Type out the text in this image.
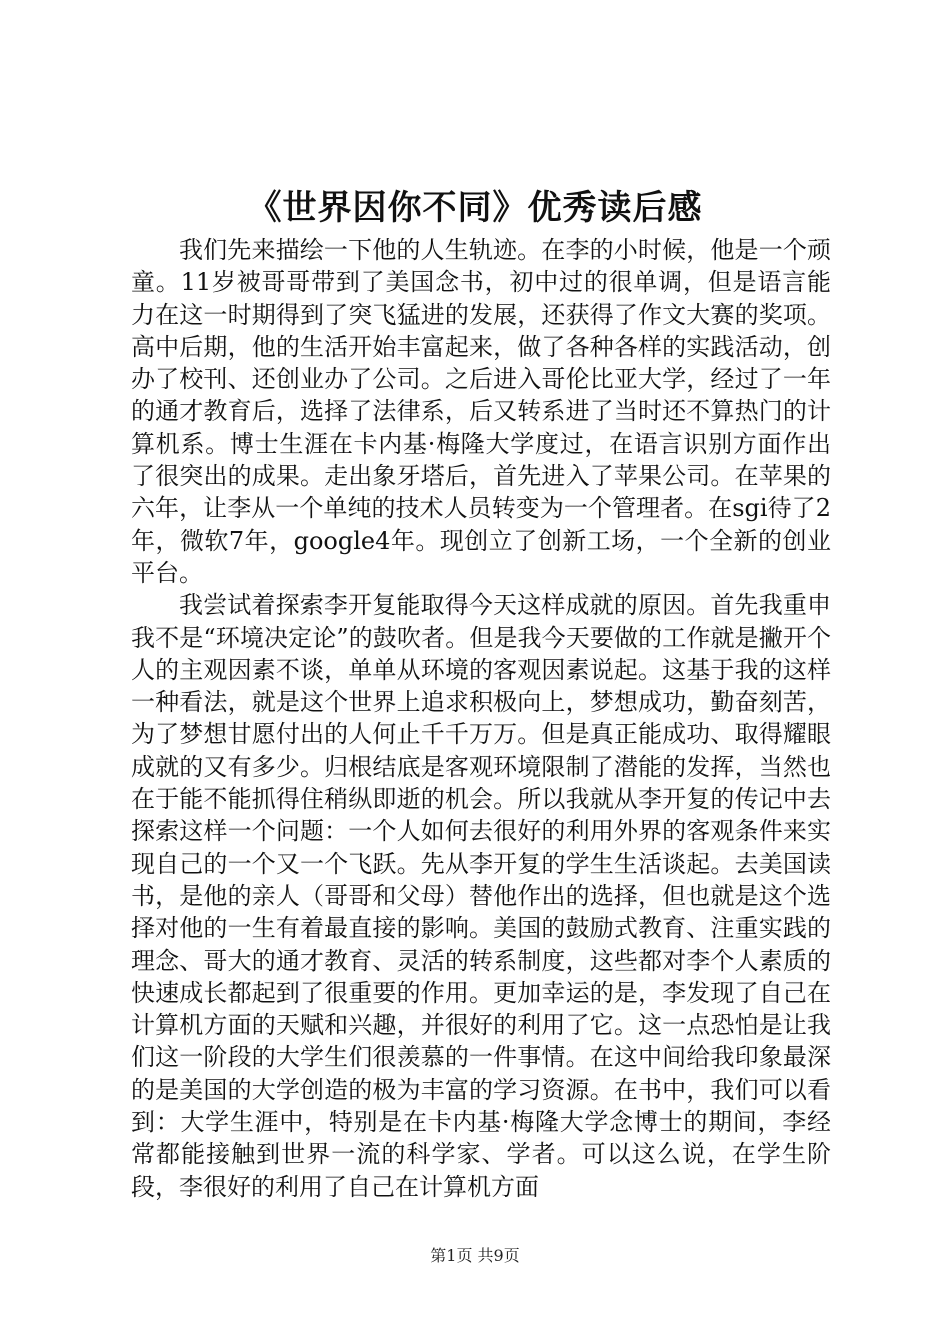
《世界因你不同》优秀读后感

我们先来描绘一下他的人生轨迹。在李的小时候，他是一个顽童。11岁被哥哥带到了美国念书，初中过的很单调，但是语言能力在这一时期得到了突飞猛进的发展，还获得了作文大赛的奖项。高中后期，他的生活开始丰富起来，做了各种各样的实践活动，创办了校刊、还创业办了公司。之后进入哥伦比亚大学，经过了一年的通才教育后，选择了法律系，后又转系进了当时还不算热门的计算机系。博士生涯在卡内基·梅隆大学度过，在语言识别方面作出了很突出的成果。走出象牙塔后，首先进入了苹果公司。在苹果的六年，让李从一个单纯的技术人员转变为一个管理者。在sgi待了2年，微软7年，google4年。现创立了创新工场，一个全新的创业平台。

我尝试着探索李开复能取得今天这样成就的原因。首先我重申我不是“环境决定论”的鼓吹者。但是我今天要做的工作就是撇开个人的主观因素不谈，单单从环境的客观因素说起。这基于我的这样一种看法，就是这个世界上追求积极向上，梦想成功，勤奋刻苦，为了梦想甘愿付出的人何止千千万万。但是真正能成功、取得耀眼成就的又有多少。归根结底是客观环境限制了潜能的发挥，当然也在于能不能抓得住稍纵即逝的机会。所以我就从李开复的传记中去探索这样一个问题：一个人如何去很好的利用外界的客观条件来实现自己的一个又一个飞跃。先从李开复的学生生活谈起。去美国读书，是他的亲人（哥哥和父母）替他作出的选择，但也就是这个选择对他的一生有着最直接的影响。美国的鼓励式教育、注重实践的理念、哥大的通才教育、灵活的转系制度，这些都对李个人素质的快速成长都起到了很重要的作用。更加幸运的是，李发现了自己在计算机方面的天赋和兴趣，并很好的利用了它。这一点恐怕是让我们这一阶段的大学生们很羡慕的一件事情。在这中间给我印象最深的是美国的大学创造的极为丰富的学习资源。在书中，我们可以看到：大学生涯中，特别是在卡内基·梅隆大学念博士的期间，李经常都能接触到世界一流的科学家、学者。可以这么说，在学生阶段，李很好的利用了自己在计算机方面

第1页 共9页
